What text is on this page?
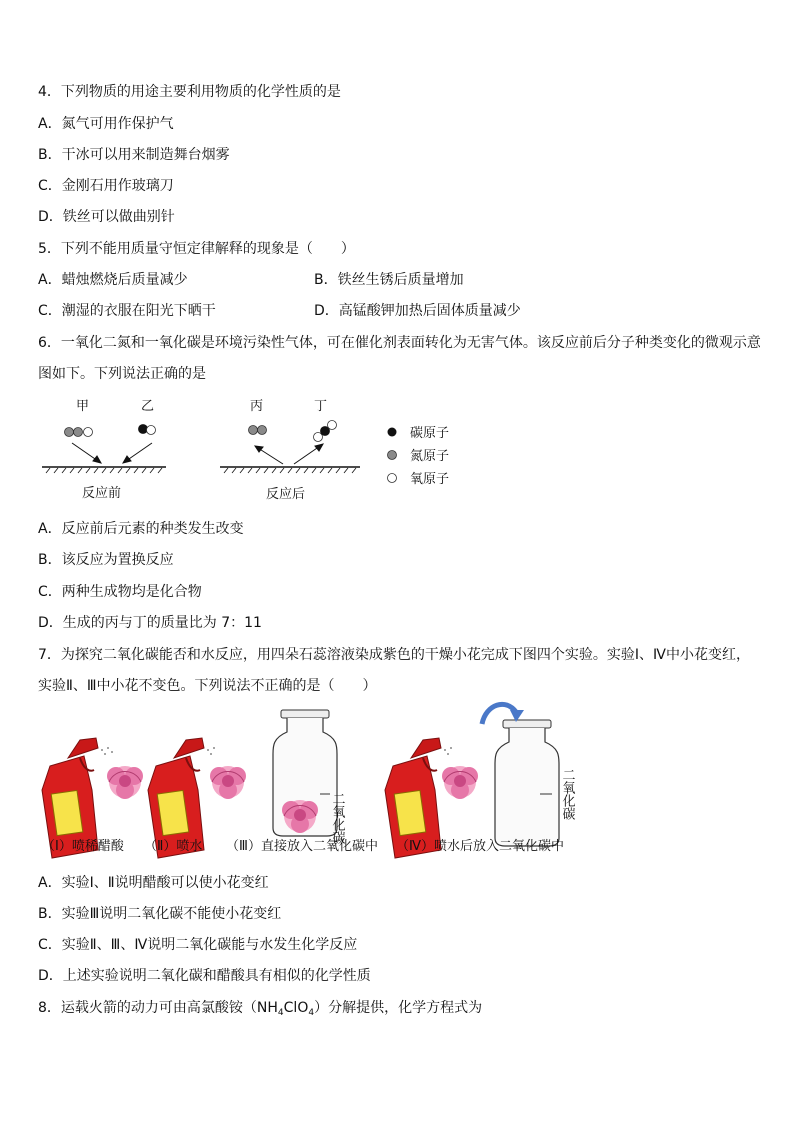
4．下列物质的用途主要利用物质的化学性质的是
A．氮气可用作保护气
B．干冰可以用来制造舞台烟雾
C．金刚石用作玻璃刀
D．铁丝可以做曲别针
5．下列不能用质量守恒定律解释的现象是（　　）
A．蜡烛燃烧后质量减少	B．铁丝生锈后质量增加
C．潮湿的衣服在阳光下晒干	D．高锰酸钾加热后固体质量减少
6．一氧化二氮和一氧化碳是环境污染性气体，可在催化剂表面转化为无害气体。该反应前后分子种类变化的微观示意
图如下。下列说法正确的是
甲	乙	丙	丁
反应前	反应后
碳原子
氮原子
氧原子
A．反应前后元素的种类发生改变
B．该反应为置换反应
C．两种生成物均是化合物
D．生成的丙与丁的质量比为 7：11
7．为探究二氧化碳能否和水反应，用四朵石蕊溶液染成紫色的干燥小花完成下图四个实验。实验Ⅰ、Ⅳ中小花变红，
实验Ⅱ、Ⅲ中小花不变色。下列说法不正确的是（　　）
二氧化碳	二氧化碳
（Ⅰ）喷稀醋酸 （Ⅱ）喷水 （Ⅲ）直接放入二氧化碳中 （Ⅳ）喷水后放入二氧化碳中
A．实验Ⅰ、Ⅱ说明醋酸可以使小花变红
B．实验Ⅲ说明二氧化碳不能使小花变红
C．实验Ⅱ、Ⅲ、Ⅳ说明二氧化碳能与水发生化学反应
D．上述实验说明二氧化碳和醋酸具有相似的化学性质
8．运载火箭的动力可由高氯酸铵$(NH_4ClO_4)$分解提供，化学方程式为
